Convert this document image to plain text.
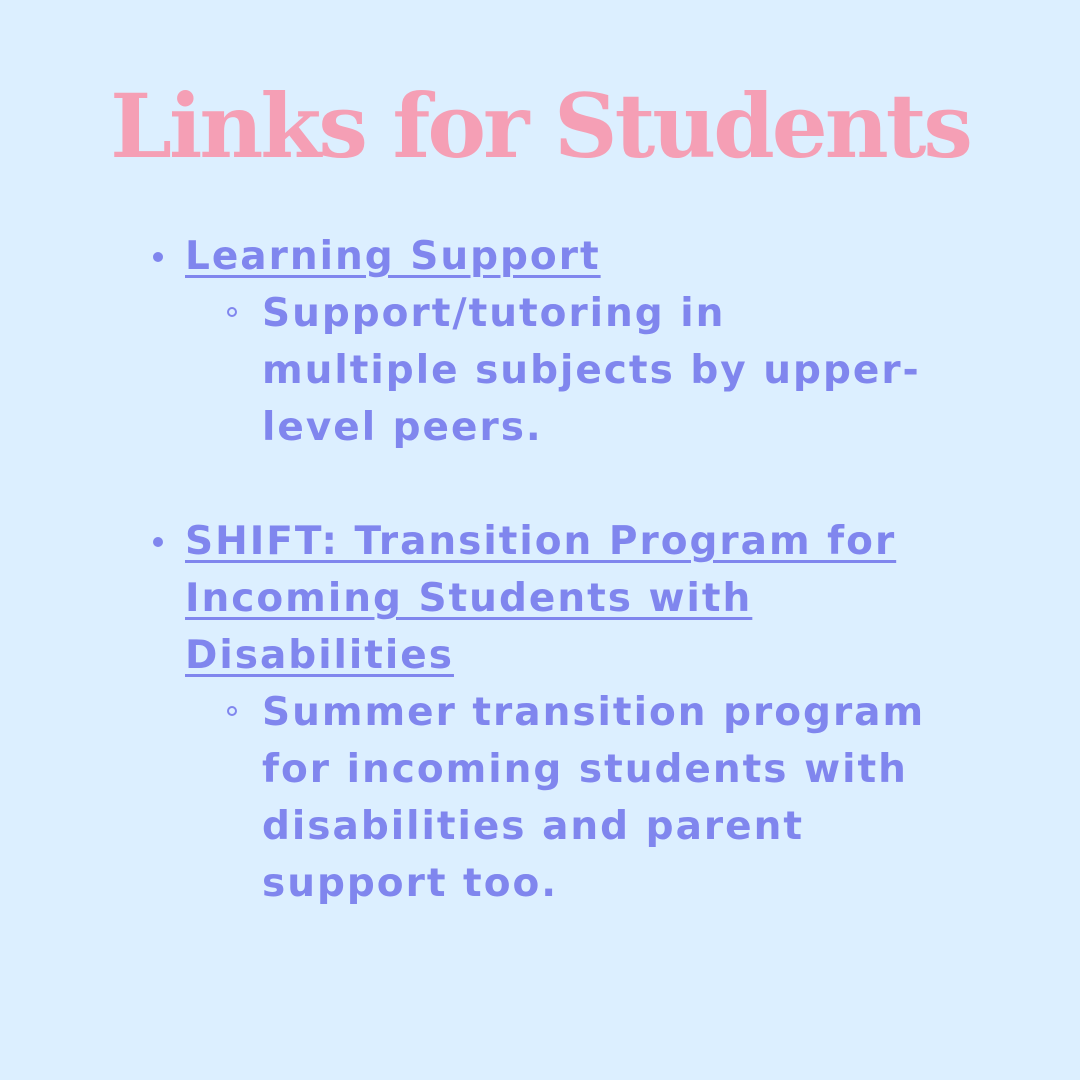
Links for Students
Learning Support
Support/tutoring in multiple subjects by upper-level peers.
SHIFT: Transition Program for Incoming Students with Disabilities
Summer transition program for incoming students with disabilities and parent support too.
